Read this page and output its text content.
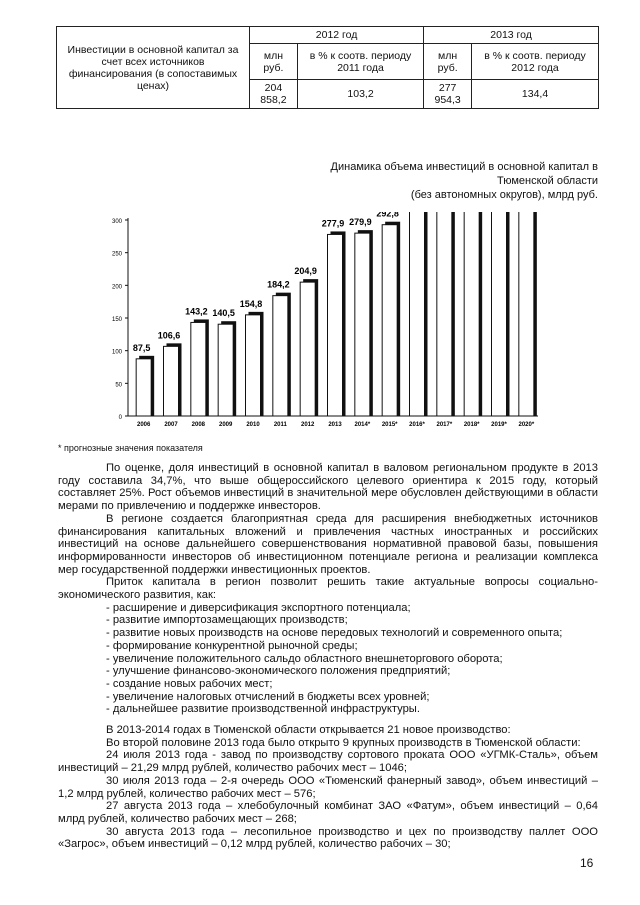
Инвестиции в основной капитал за счет всех источников финансирования (в сопоставимых ценах)	2012 год		2013 год	
	млн руб.	в % к соотв. периоду 2011 года	млн руб.	в % к соотв. периоду 2012 года
	204 858,2	103,2	277 954,3	134,4
Динамика объема инвестиций в основной капитал в Тюменской области
(без автономных округов), млрд руб.
0
50
100
150
200
250
300
87,5
2006
106,6
2007
143,2
2008
140,5
2009
154,8
2010
184,2
2011
204,9
2012
277,9
2013
279,9
2014*
292,8
2015* 2016* 2017* 2018* 2019* 2020*
* прогнозные значения показателя

По оценке, доля инвестиций в основной капитал в валовом региональном продукте в 2013 году составила 34,7%, что выше общероссийского целевого ориентира к 2015 году, который составляет 25%. Рост объемов инвестиций в значительной мере обусловлен действующими в области мерами по привлечению и поддержке инвесторов.

В регионе создается благоприятная среда для расширения внебюджетных источников финансирования капитальных вложений и привлечения частных иностранных и российских инвестиций на основе дальнейшего совершенствования нормативной правовой базы, повышения информированности инвесторов об инвестиционном потенциале региона и реализации комплекса мер государственной поддержки инвестиционных проектов.

Приток капитала в регион позволит решить такие актуальные вопросы социально-экономического развития, как:

- расширение и диверсификация экспортного потенциала;
- развитие импортозамещающих производств;
- развитие новых производств на основе передовых технологий и современного опыта;
- формирование конкурентной рыночной среды;
- увеличение положительного сальдо областного внешнеторгового оборота;
- улучшение финансово-экономического положения предприятий;
- создание новых рабочих мест;
- увеличение налоговых отчислений в бюджеты всех уровней;
- дальнейшее развитие производственной инфраструктуры.

В 2013-2014 годах в Тюменской области открывается 21 новое производство:

Во второй половине 2013 года было открыто 9 крупных производств в Тюменской области:

24 июля 2013 года - завод по производству сортового проката ООО «УГМК-Сталь», объем инвестиций – 21,29 млрд рублей, количество рабочих мест – 1046;

30 июля 2013 года – 2-я очередь ООО «Тюменский фанерный завод», объем инвестиций – 1,2 млрд рублей, количество рабочих мест – 576;

27 августа 2013 года – хлебобулочный комбинат ЗАО «Фатум», объем инвестиций – 0,64 млрд рублей, количество рабочих мест – 268;

30 августа 2013 года – лесопильное производство и цех по производству паллет ООО «Загрос», объем инвестиций – 0,12 млрд рублей, количество рабочих – 30;

16
